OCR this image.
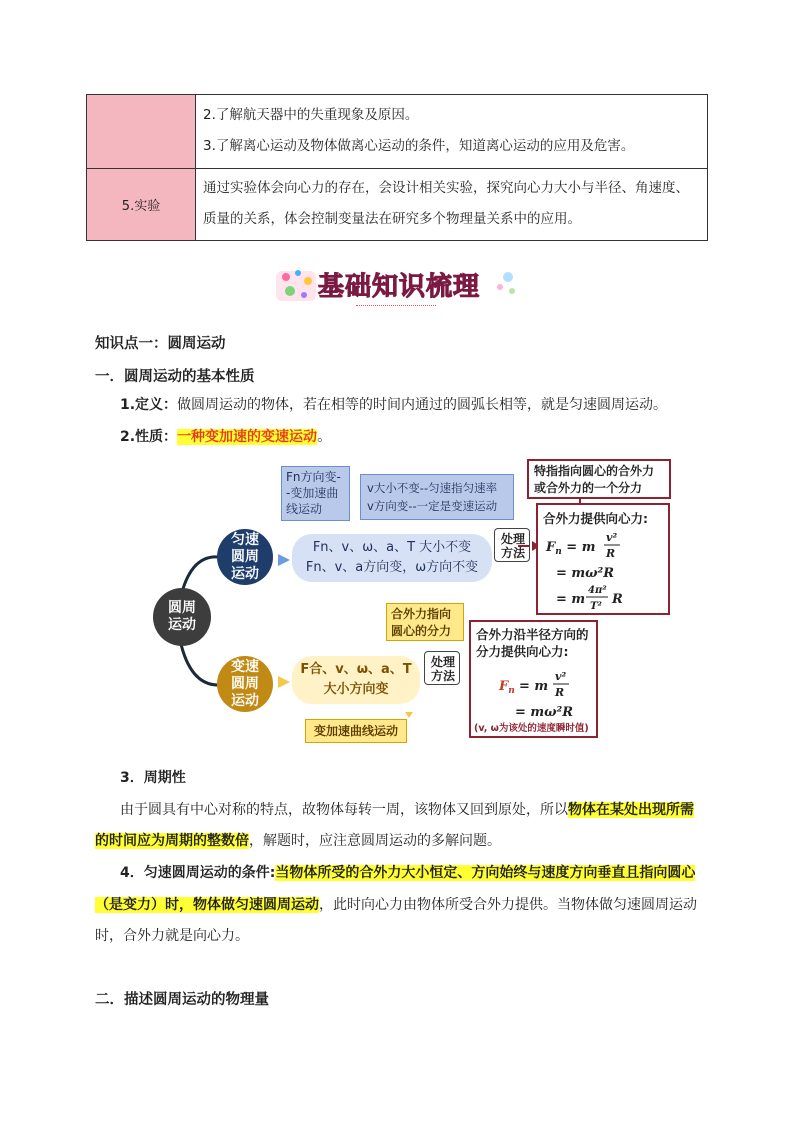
2.了解航天器中的失重现象及原因。
3.了解离心运动及物体做离心运动的条件，知道离心运动的应用及危害。
5.实验
通过实验体会向心力的存在，会设计相关实验，探究向心力大小与半径、角速度、
质量的关系，体会控制变量法在研究多个物理量关系中的应用。
基础知识梳理
知识点一：圆周运动
一．圆周运动的基本性质
1.定义：做圆周运动的物体，若在相等的时间内通过的圆弧长相等，就是匀速圆周运动。
2.性质：一种变加速的变速运动。
Fn方向变--变加速曲线运动
v大小不变--匀速指匀速率
v方向变--一定是变速运动
圆周运动
匀速圆周运动
变速圆周运动
Fn、v、ω、a、T 大小不变
Fn、v、a方向变，ω方向不变
处理方法
特指指向圆心的合外力或合外力的一个分力
合外力提供向心力:
$F_n = m$
v²
R
= mω²R
= m
4π²
T² R
合外力指向圆心的分力
F合、v、ω、a、T
大小方向变
处理方法
合外力沿半径方向的分力提供向心力:
$F_n = m$
v²
R
= mω²R
(v, ω为该处的速度瞬时值)
变加速曲线运动
3．周期性
由于圆具有中心对称的特点，故物体每转一周，该物体又回到原处，所以物体在某处出现所需
的时间应为周期的整数倍，解题时，应注意圆周运动的多解问题。
4．匀速圆周运动的条件:当物体所受的合外力大小恒定、方向始终与速度方向垂直且指向圆心
（是变力）时，物体做匀速圆周运动，此时向心力由物体所受合外力提供。当物体做匀速圆周运动
时，合外力就是向心力。
二．描述圆周运动的物理量
